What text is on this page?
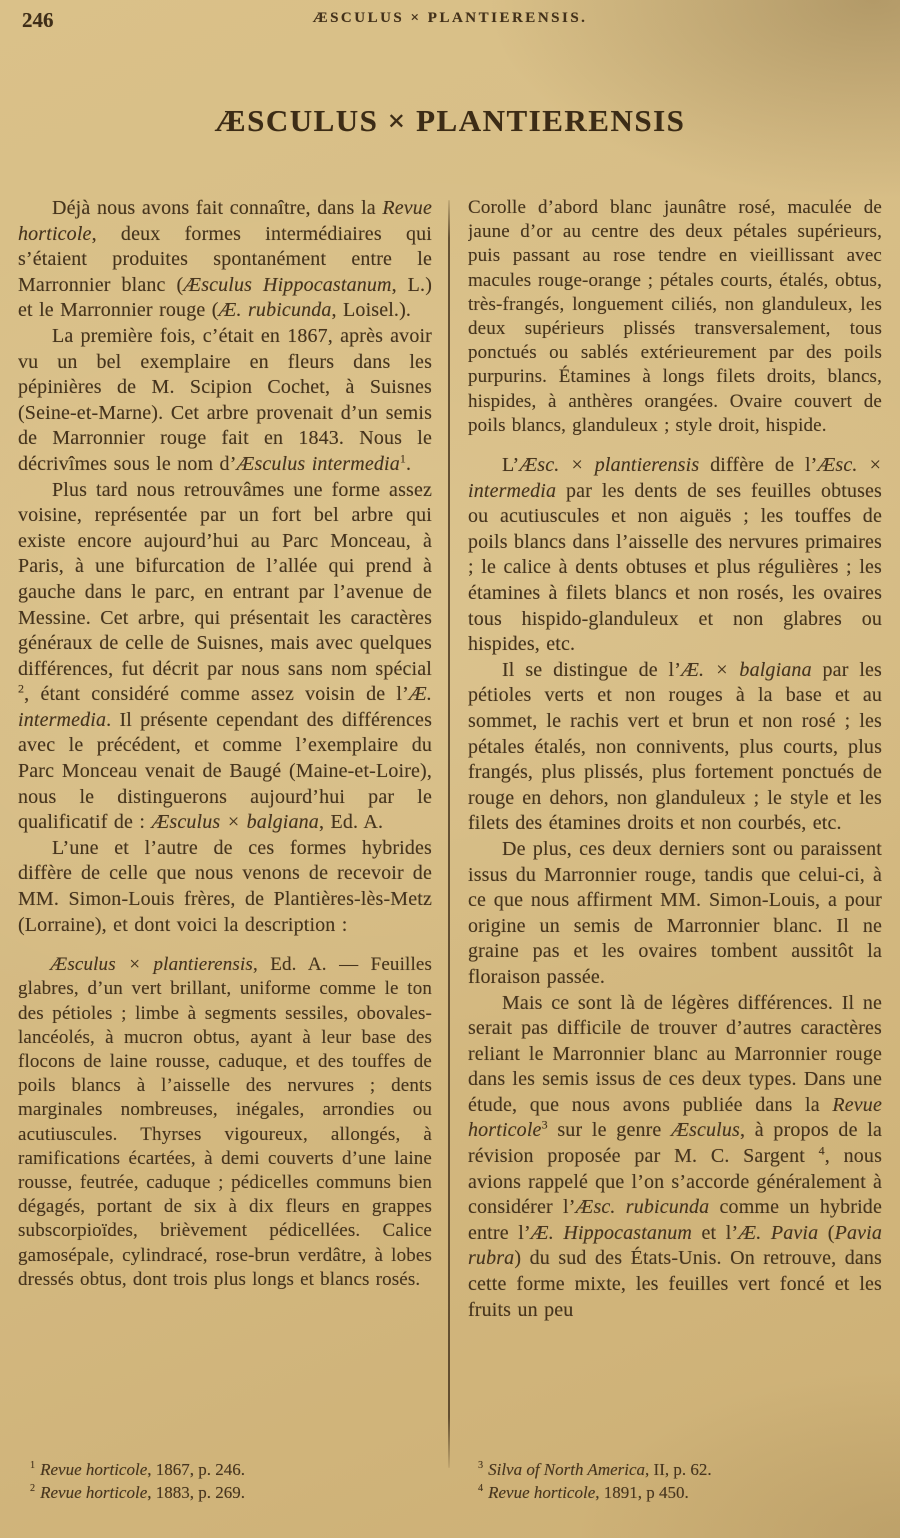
246	ÆSCULUS × PLANTIERENSIS.
ÆSCULUS × PLANTIERENSIS

Déjà nous avons fait connaître, dans la Revue horticole, deux formes intermédiaires qui s’étaient produites spontanément entre le Marronnier blanc (Æsculus Hippocastanum, L.) et le Marronnier rouge (Æ. rubicunda, Loisel.).

La première fois, c’était en 1867, après avoir vu un bel exemplaire en fleurs dans les pépinières de M. Scipion Cochet, à Suisnes (Seine-et-Marne). Cet arbre provenait d’un semis de Marronnier rouge fait en 1843. Nous le décrivîmes sous le nom d’Æsculus intermedia$^1$.

Plus tard nous retrouvâmes une forme assez voisine, représentée par un fort bel arbre qui existe encore aujourd’hui au Parc Monceau, à Paris, à une bifurcation de l’allée qui prend à gauche dans le parc, en entrant par l’avenue de Messine. Cet arbre, qui présentait les caractères généraux de celle de Suisnes, mais avec quelques différences, fut décrit par nous sans nom spécial $^2$, étant considéré comme assez voisin de l’Æ. intermedia. Il présente cependant des différences avec le précédent, et comme l’exemplaire du Parc Monceau venait de Baugé (Maine-et-Loire), nous le distinguerons aujourd’hui par le qualificatif de : Æsculus × balgiana, Ed. A.

L’une et l’autre de ces formes hybrides diffère de celle que nous venons de recevoir de MM. Simon-Louis frères, de Plantières-lès-Metz (Lorraine), et dont voici la description :

Æsculus × plantierensis, Ed. A. — Feuilles glabres, d’un vert brillant, uniforme comme le ton des pétioles ; limbe à segments sessiles, obovales-lancéolés, à mucron obtus, ayant à leur base des flocons de laine rousse, caduque, et des touffes de poils blancs à l’aisselle des nervures ; dents marginales nombreuses, inégales, arrondies ou acutiuscules. Thyrses vigoureux, allongés, à ramifications écartées, à demi couverts d’une laine rousse, feutrée, caduque ; pédicelles communs bien dégagés, portant de six à dix fleurs en grappes subscorpioïdes, brièvement pédicellées. Calice gamosépale, cylindracé, rose-brun verdâtre, à lobes dressés obtus, dont trois plus longs et blancs rosés.

Corolle d’abord blanc jaunâtre rosé, maculée de jaune d’or au centre des deux pétales supérieurs, puis passant au rose tendre en vieillissant avec macules rouge-orange ; pétales courts, étalés, obtus, très-frangés, longuement ciliés, non glanduleux, les deux supérieurs plissés transversalement, tous ponctués ou sablés extérieurement par des poils purpurins. Étamines à longs filets droits, blancs, hispides, à anthères orangées. Ovaire couvert de poils blancs, glanduleux ; style droit, hispide.

L’Æsc. × plantierensis diffère de l’Æsc. × intermedia par les dents de ses feuilles obtuses ou acutiuscules et non aiguës ; les touffes de poils blancs dans l’aisselle des nervures primaires ; le calice à dents obtuses et plus régulières ; les étamines à filets blancs et non rosés, les ovaires tous hispido-glanduleux et non glabres ou hispides, etc.

Il se distingue de l’Æ. × balgiana par les pétioles verts et non rouges à la base et au sommet, le rachis vert et brun et non rosé ; les pétales étalés, non connivents, plus courts, plus frangés, plus plissés, plus fortement ponctués de rouge en dehors, non glanduleux ; le style et les filets des étamines droits et non courbés, etc.

De plus, ces deux derniers sont ou paraissent issus du Marronnier rouge, tandis que celui-ci, à ce que nous affirment MM. Simon-Louis, a pour origine un semis de Marronnier blanc. Il ne graine pas et les ovaires tombent aussitôt la floraison passée.

Mais ce sont là de légères différences. Il ne serait pas difficile de trouver d’autres caractères reliant le Marronnier blanc au Marronnier rouge dans les semis issus de ces deux types. Dans une étude, que nous avons publiée dans la Revue horticole$^3$ sur le genre Æsculus, à propos de la révision proposée par M. C. Sargent $^4$, nous avions rappelé que l’on s’accorde généralement à considérer l’Æsc. rubicunda comme un hybride entre l’Æ. Hippocastanum et l’Æ. Pavia (Pavia rubra) du sud des États-Unis. On retrouve, dans cette forme mixte, les feuilles vert foncé et les fruits un peu

$^1$ Revue horticole, 1867, p. 246.
$^2$ Revue horticole, 1883, p. 269.
$^3$ Silva of North America, II, p. 62.
$^4$ Revue horticole, 1891, p 450.
